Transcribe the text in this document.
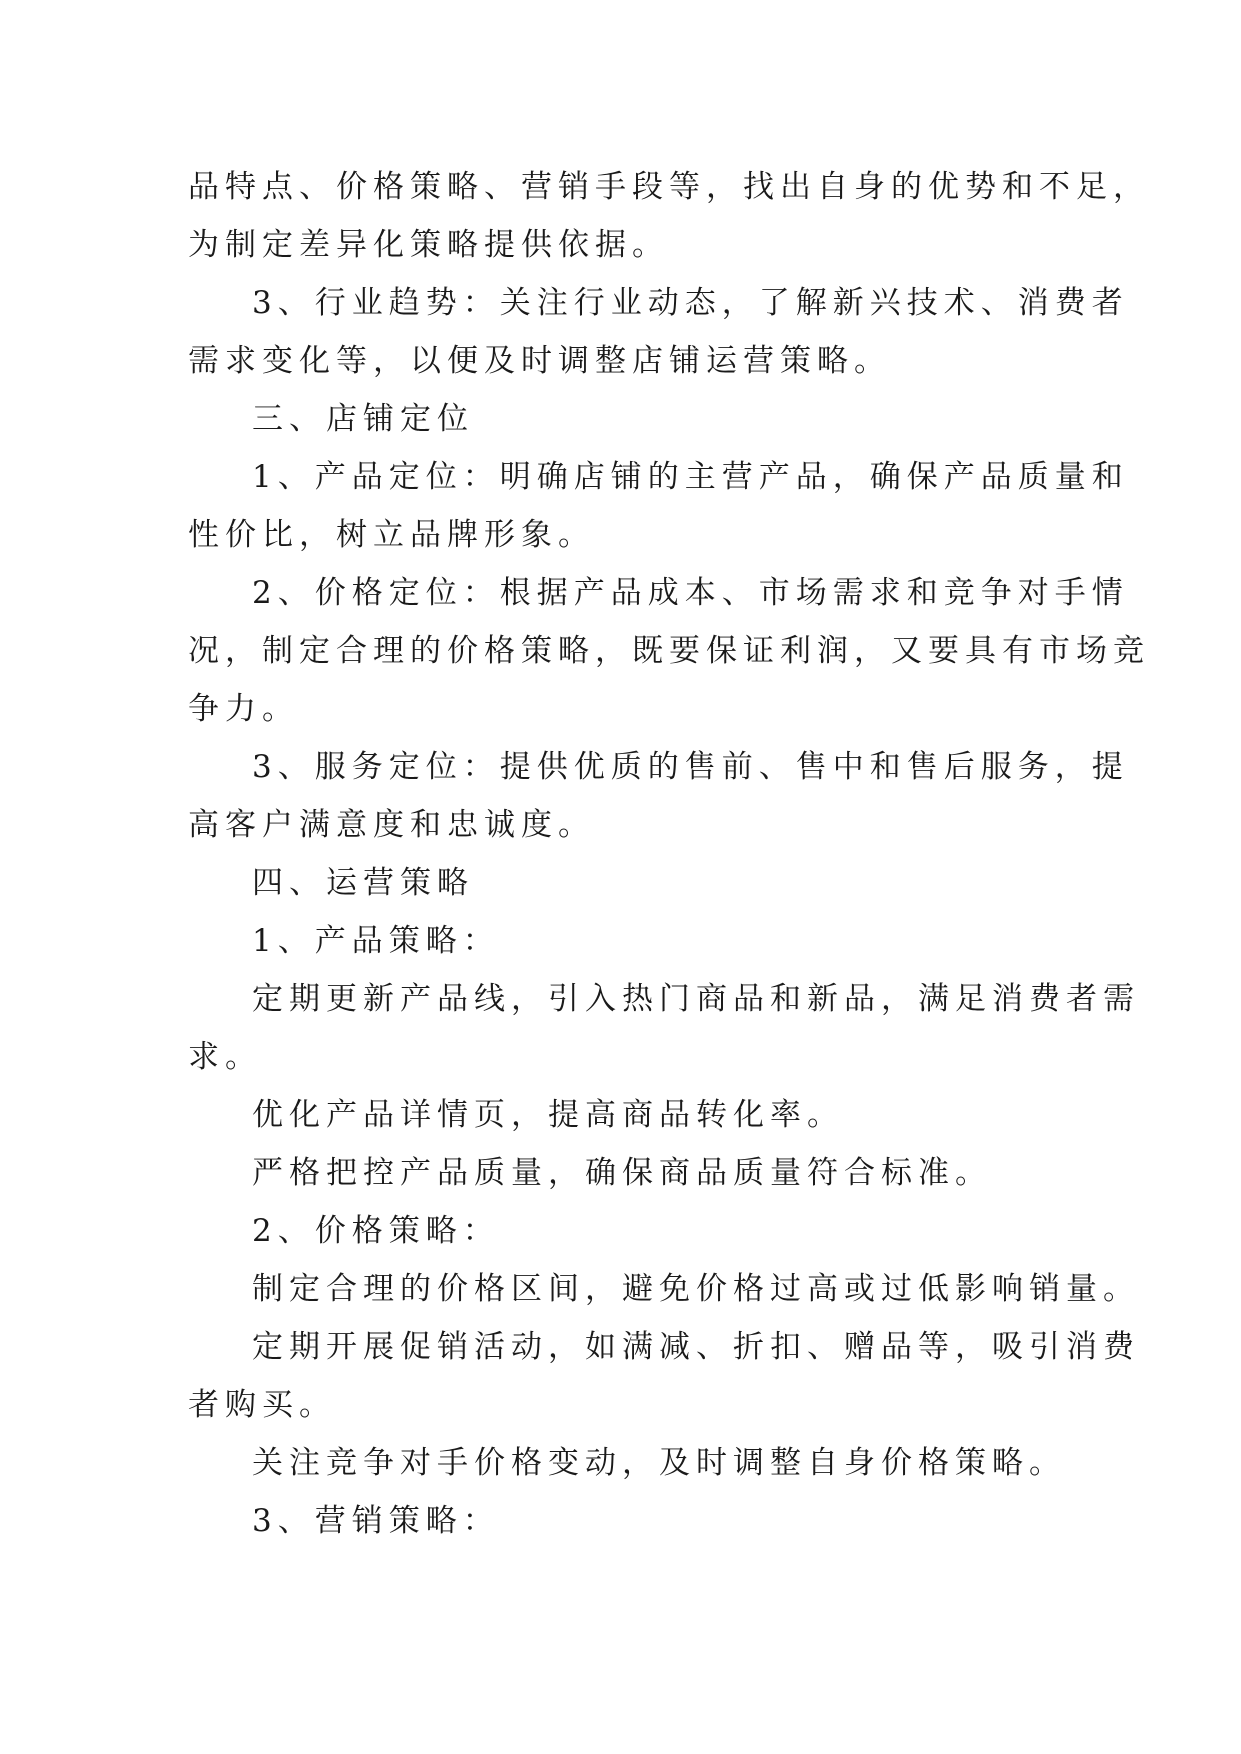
品特点、价格策略、营销手段等，找出自身的优势和不足，
为制定差异化策略提供依据。
3、行业趋势：关注行业动态，了解新兴技术、消费者
需求变化等，以便及时调整店铺运营策略。
三、店铺定位
1、产品定位：明确店铺的主营产品，确保产品质量和
性价比，树立品牌形象。
2、价格定位：根据产品成本、市场需求和竞争对手情
况，制定合理的价格策略，既要保证利润，又要具有市场竞
争力。
3、服务定位：提供优质的售前、售中和售后服务，提
高客户满意度和忠诚度。
四、运营策略
1、产品策略：
定期更新产品线，引入热门商品和新品，满足消费者需
求。
优化产品详情页，提高商品转化率。
严格把控产品质量，确保商品质量符合标准。
2、价格策略：
制定合理的价格区间，避免价格过高或过低影响销量。
定期开展促销活动，如满减、折扣、赠品等，吸引消费
者购买。
关注竞争对手价格变动，及时调整自身价格策略。
3、营销策略：
